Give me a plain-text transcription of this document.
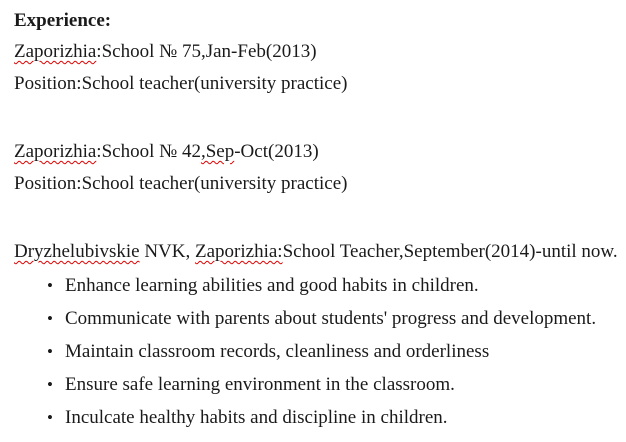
Experience:

Zaporizhia:School № 75,Jan-Feb(2013)

Position:School teacher(university practice)

Zaporizhia:School № 42,Sep-Oct(2013)

Position:School teacher(university practice)

Dryzhelubivskie NVK, Zaporizhia:School Teacher,September(2014)-until now.

• Enhance learning abilities and good habits in children.
• Communicate with parents about students' progress and development.
• Maintain classroom records, cleanliness and orderliness
• Ensure safe learning environment in the classroom.
• Inculcate healthy habits and discipline in children.
